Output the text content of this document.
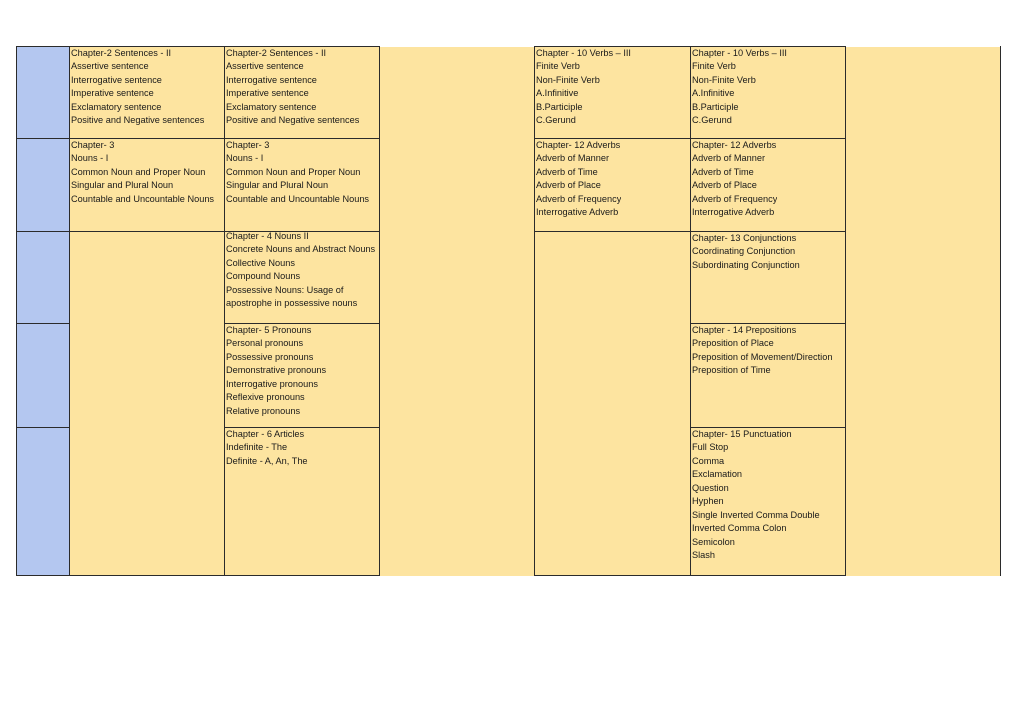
Chapter-2 Sentences - II
Assertive sentence
Interrogative sentence
Imperative sentence
Exclamatory sentence
Positive and Negative sentences
Chapter- 3
Nouns - I
Common Noun and Proper Noun
Singular and Plural Noun
Countable and Uncountable Nouns
Chapter-2 Sentences - II
Assertive sentence
Interrogative sentence
Imperative sentence
Exclamatory sentence
Positive and Negative sentences
Chapter- 3
Nouns - I
Common Noun and Proper Noun
Singular and Plural Noun
Countable and Uncountable Nouns
Chapter - 4 Nouns II
Concrete Nouns and Abstract Nouns
Collective Nouns
Compound Nouns
Possessive Nouns: Usage of apostrophe in possessive nouns
Chapter- 5 Pronouns
Personal pronouns
Possessive pronouns
Demonstrative pronouns
Interrogative pronouns
Reflexive pronouns
Relative pronouns
Chapter - 6 Articles
Indefinite - The
Definite - A, An, The
Chapter - 10 Verbs – III
Finite Verb
Non-Finite Verb
A.Infinitive
B.Participle
C.Gerund
Chapter- 12 Adverbs
Adverb of Manner
Adverb of Time
Adverb of Place
Adverb of Frequency
Interrogative Adverb
Chapter - 10 Verbs – III
Finite Verb
Non-Finite Verb
A.Infinitive
B.Participle
C.Gerund
Chapter- 12 Adverbs
Adverb of Manner
Adverb of Time
Adverb of Place
Adverb of Frequency
Interrogative Adverb
Chapter- 13 Conjunctions
Coordinating Conjunction
Subordinating Conjunction
Chapter - 14 Prepositions
Preposition of Place
Preposition of Movement/Direction
Preposition of Time
Chapter- 15 Punctuation
Full Stop
Comma
Exclamation
Question
Hyphen
Single Inverted Comma Double
Inverted Comma Colon
Semicolon
Slash
